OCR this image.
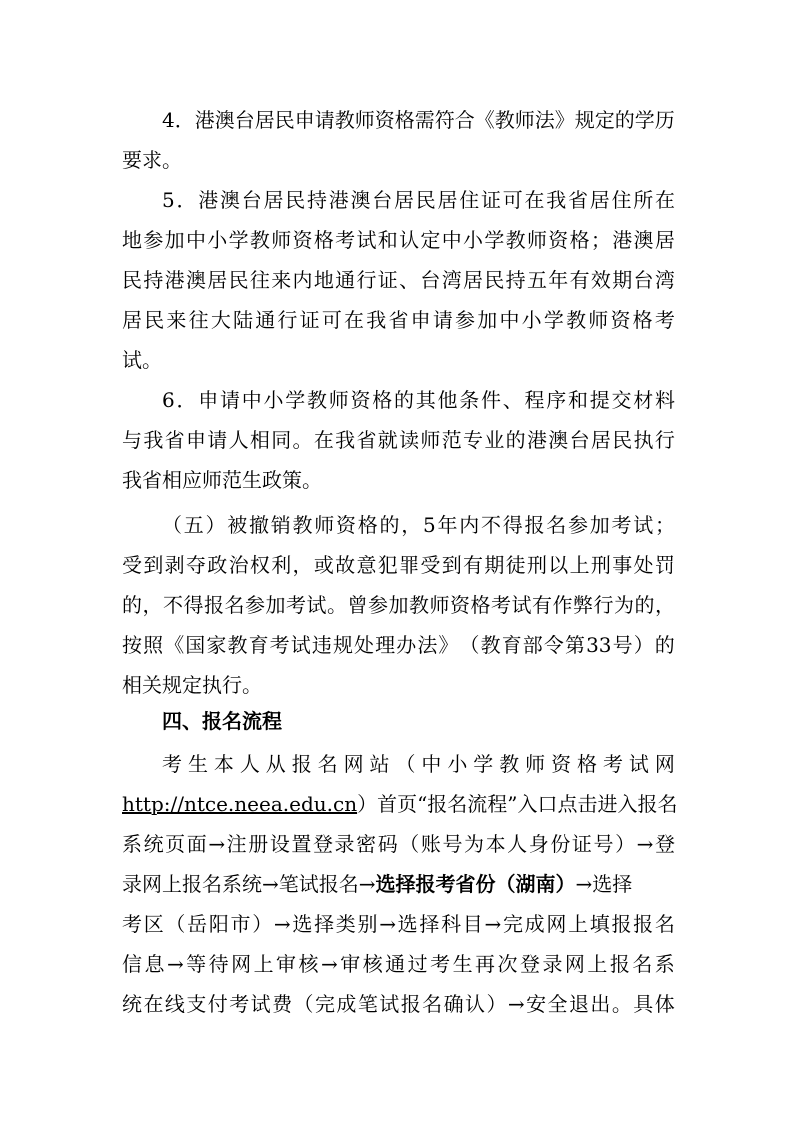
4 ． 港 澳 台 居 民 申 请 教 师 资 格 需 符 合 《 教 师 法 》 规 定 的 学 历
要求。
5 ． 港 澳 台 居 民 持 港 澳 台 居 民 居 住 证 可 在 我 省 居 住 所 在
地 参 加 中 小 学 教 师 资 格 考 试 和 认 定 中 小 学 教 师 资 格 ； 港 澳 居
民 持 港 澳 居 民 往 来 内 地 通 行 证 、 台 湾 居 民 持 五 年 有 效 期 台 湾
居 民 来 往 大 陆 通 行 证 可 在 我 省 申 请 参 加 中 小 学 教 师 资 格 考
试。
6 ． 申 请 中 小 学 教 师 资 格 的 其 他 条 件 、 程 序 和 提 交 材 料
与 我 省 申 请 人 相 同 。 在 我 省 就 读 师 范 专 业 的 港 澳 台 居 民 执 行
我省相应师范生政策。
（ 五 ） 被 撤 销 教 师 资 格 的 ， 5 年 内 不 得 报 名 参 加 考 试 ；
受 到 剥 夺 政 治 权 利 ， 或 故 意 犯 罪 受 到 有 期 徒 刑 以 上 刑 事 处 罚
的 ， 不 得 报 名 参 加 考 试 。 曾 参 加 教 师 资 格 考 试 有 作 弊 行 为 的 ，
按 照 《 国 家 教 育 考 试 违 规 处 理 办 法 》 （ 教 育 部 令 第 33 号 ） 的
相关规定执行。
四、报名流程
考 生 本 人 从 报 名 网 站 （ 中 小 学 教 师 资 格 考 试 网
http://ntce.neea.edu.cn）首页“报名流程”入口点击进入报名
系 统 页 面 → 注 册 设 置 登 录 密 码 （ 账 号 为 本 人 身 份 证 号 ） → 登
录网上报名系统→笔试报名→选择报考省份（湖南）→选择
考 区 （ 岳 阳 市 ） → 选 择 类 别 → 选 择 科 目 → 完 成 网 上 填 报 报 名
信 息 → 等 待 网 上 审 核 → 审 核 通 过 考 生 再 次 登 录 网 上 报 名 系
统 在 线 支 付 考 试 费 （ 完 成 笔 试 报 名 确 认 ） → 安 全 退 出 。 具 体
